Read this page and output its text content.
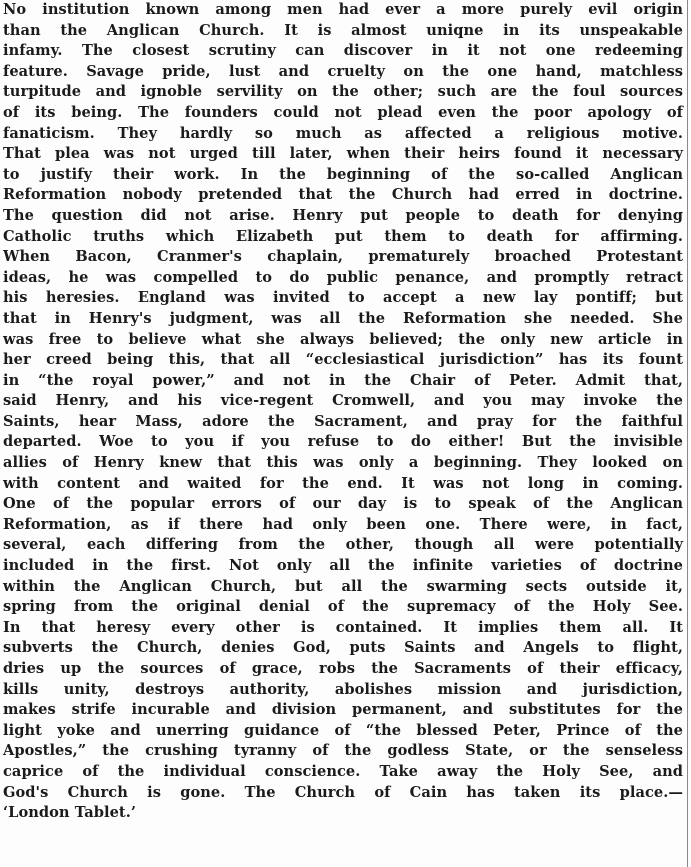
No institution known among men had ever a more purely evil origin
than the Anglican Church. It is almost uniqne in its unspeakable
infamy. The closest scrutiny can discover in it not one redeeming
feature. Savage pride, lust and cruelty on the one hand, matchless
turpitude and ignoble servility on the other; such are the foul sources
of its being. The founders could not plead even the poor apology of
fanaticism. They hardly so much as affected a religious motive.
That plea was not urged till later, when their heirs found it necessary
to justify their work. In the beginning of the so-called Anglican
Reformation nobody pretended that the Church had erred in doctrine.
The question did not arise. Henry put people to death for denying
Catholic truths which Elizabeth put them to death for affirming.
When Bacon, Cranmer's chaplain, prematurely broached Protestant
ideas, he was compelled to do public penance, and promptly retract
his heresies. England was invited to accept a new lay pontiff; but
that in Henry's judgment, was all the Reformation she needed. She
was free to believe what she always believed; the only new article in
her creed being this, that all “ecclesiastical jurisdiction” has its fount
in “the royal power,” and not in the Chair of Peter. Admit that,
said Henry, and his vice-regent Cromwell, and you may invoke the
Saints, hear Mass, adore the Sacrament, and pray for the faithful
departed. Woe to you if you refuse to do either! But the invisible
allies of Henry knew that this was only a beginning. They looked on
with content and waited for the end. It was not long in coming.
One of the popular errors of our day is to speak of the Anglican
Reformation, as if there had only been one. There were, in fact,
several, each differing from the other, though all were potentially
included in the first. Not only all the infinite varieties of doctrine
within the Anglican Church, but all the swarming sects outside it,
spring from the original denial of the supremacy of the Holy See.
In that heresy every other is contained. It implies them all. It
subverts the Church, denies God, puts Saints and Angels to flight,
dries up the sources of grace, robs the Sacraments of their efficacy,
kills unity, destroys authority, abolishes mission and jurisdiction,
makes strife incurable and division permanent, and substitutes for the
light yoke and unerring guidance of “the blessed Peter, Prince of the
Apostles,” the crushing tyranny of the godless State, or the senseless
caprice of the individual conscience. Take away the Holy See, and
God's Church is gone. The Church of Cain has taken its place.—
‘London Tablet.’
